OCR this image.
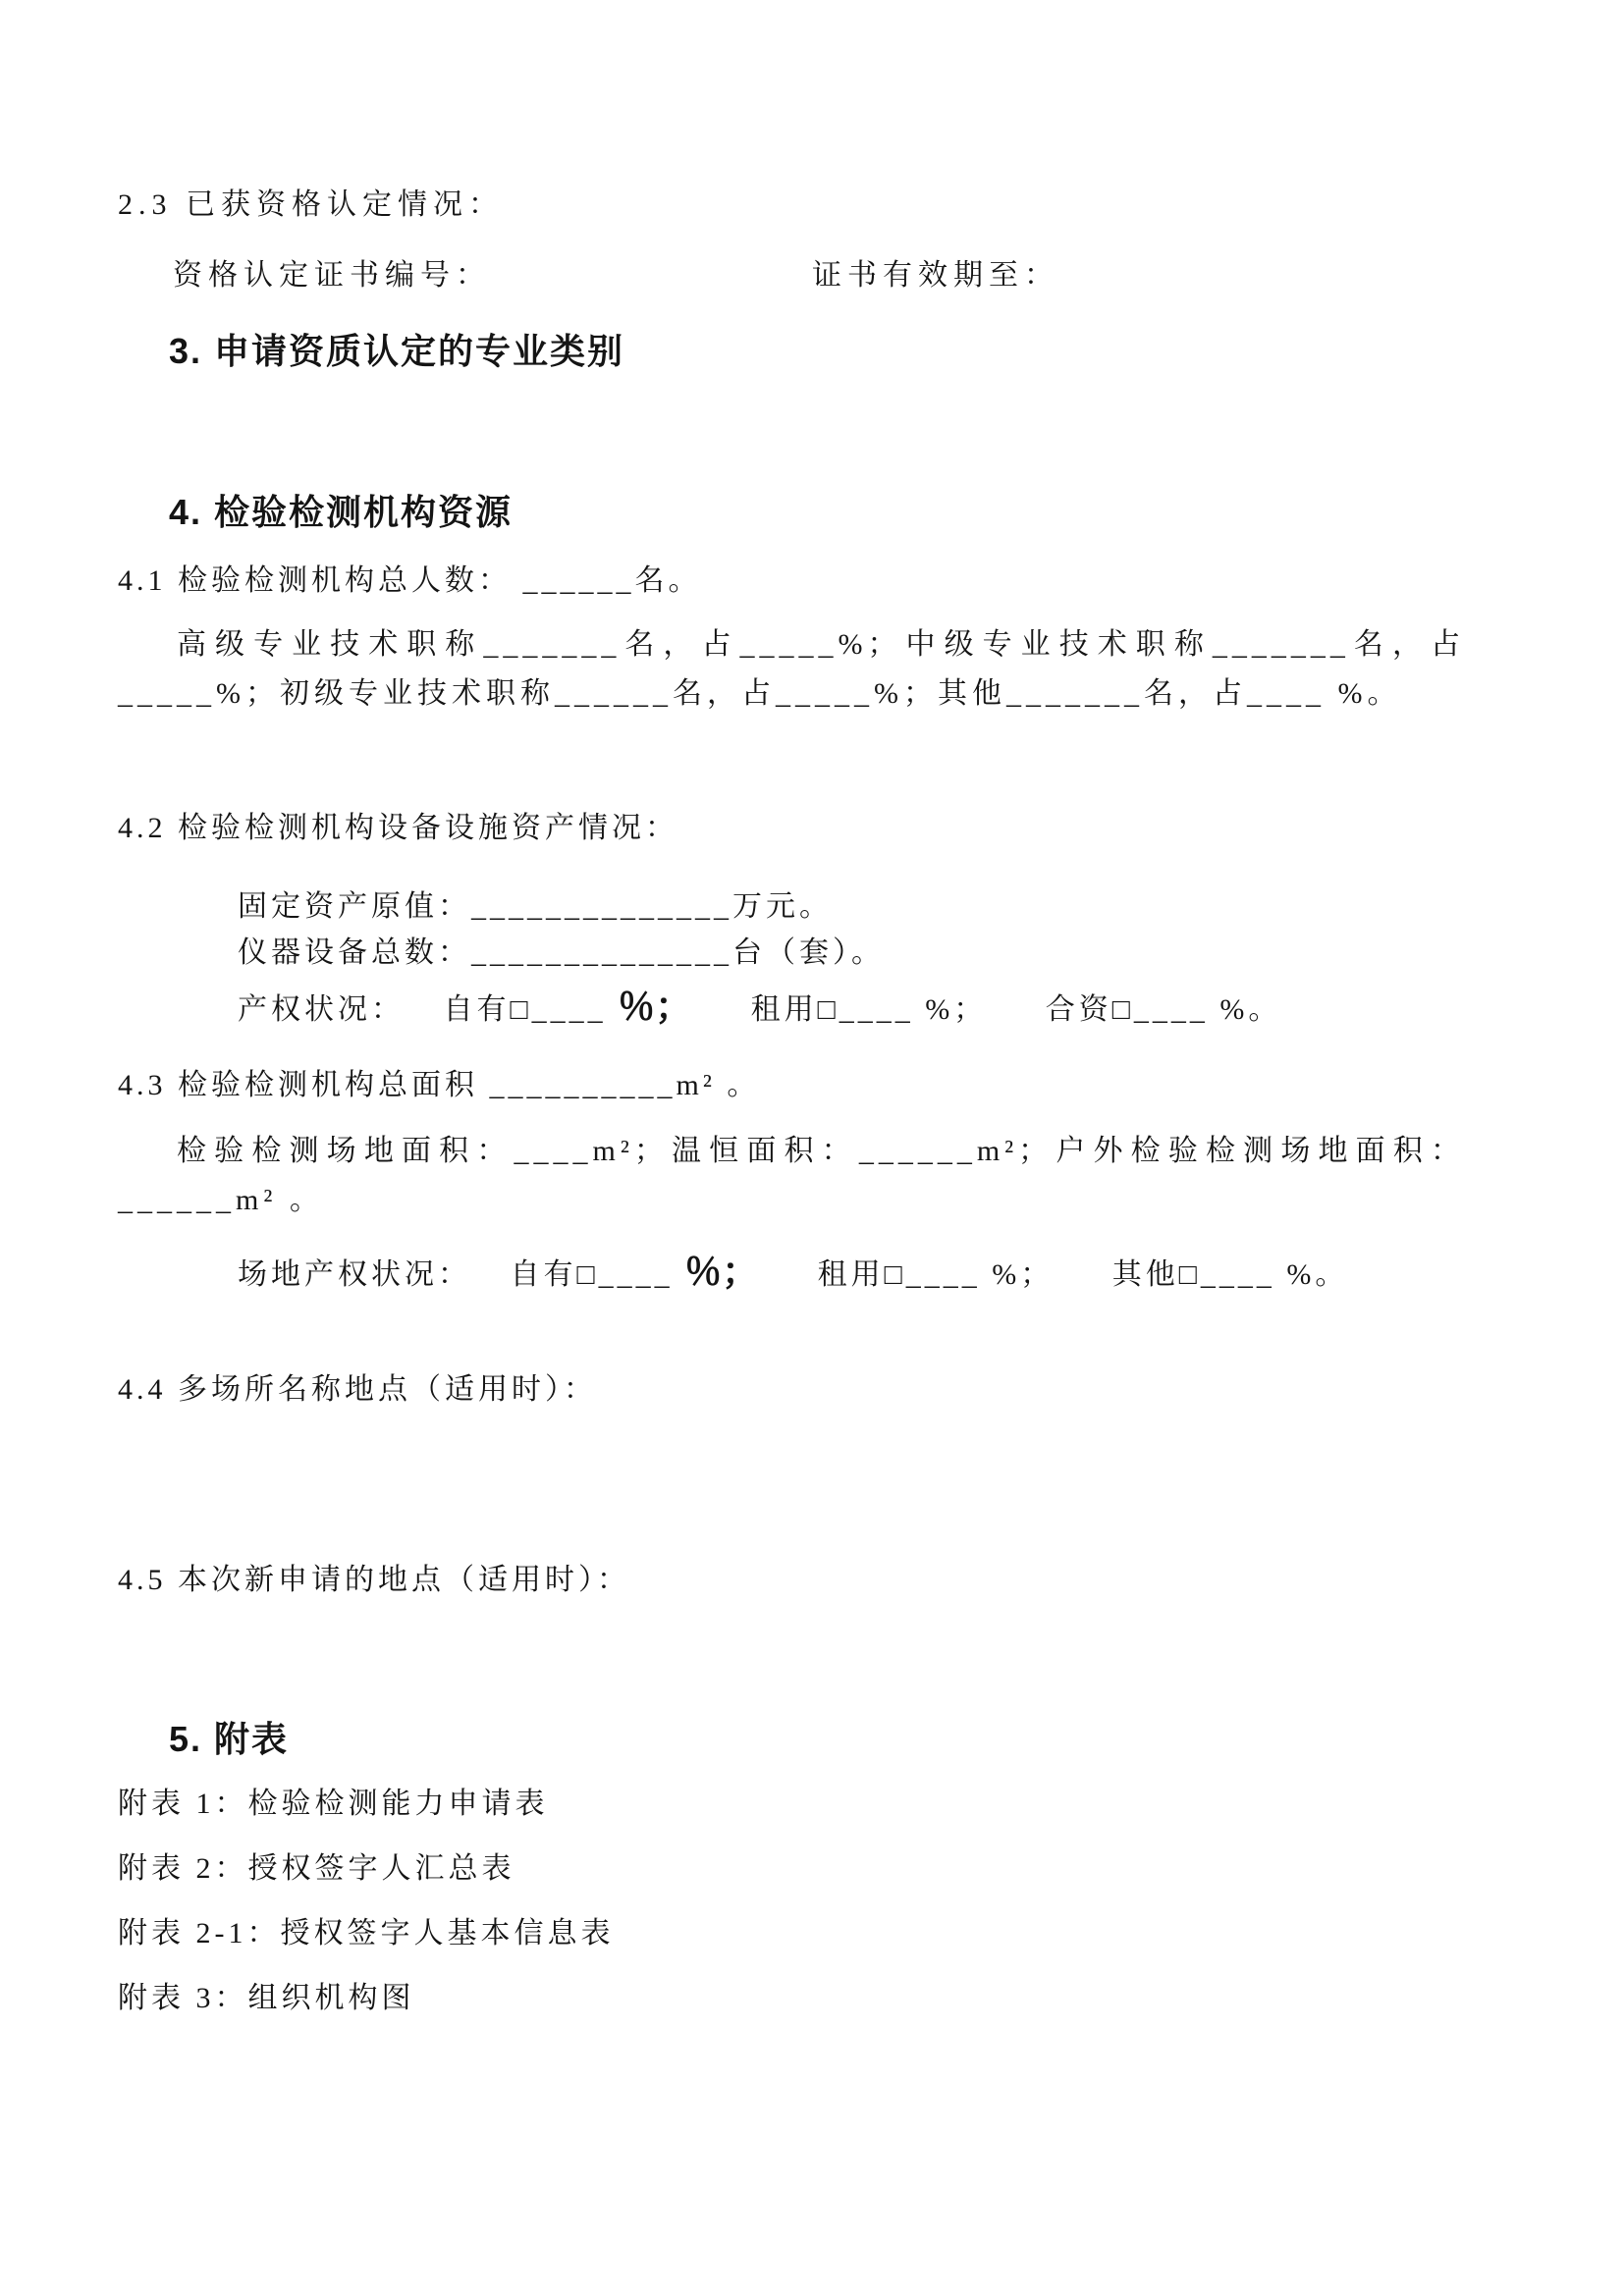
2.3 已获资格认定情况：
资格认定证书编号：	证书有效期至：
3. 申请资质认定的专业类别
4. 检验检测机构资源
4.1 检验检测机构总人数： ______名。

高级专业技术职称_______名，占_____%；中级专业技术职称_______名，占_____%；初级专业技术职称______名，占_____%；其他_______名，占____ %。

4.2 检验检测机构设备设施资产情况：
固定资产原值：______________万元。
仪器设备总数：______________台（套）。
产权状况： 自有□____ ％； 租用□____ %； 合资□____ %。
4.3 检验检测机构总面积 __________m² 。

检验检测场地面积：____m²；温恒面积：______m²；户外检验检测场地面积：______m² 。

场地产权状况： 自有□____ ％； 租用□____ %； 其他□____ %。
4.4 多场所名称地点（适用时）：
4.5 本次新申请的地点（适用时）：
5. 附表
附表 1：检验检测能力申请表
附表 2：授权签字人汇总表
附表 2-1：授权签字人基本信息表
附表 3：组织机构图
